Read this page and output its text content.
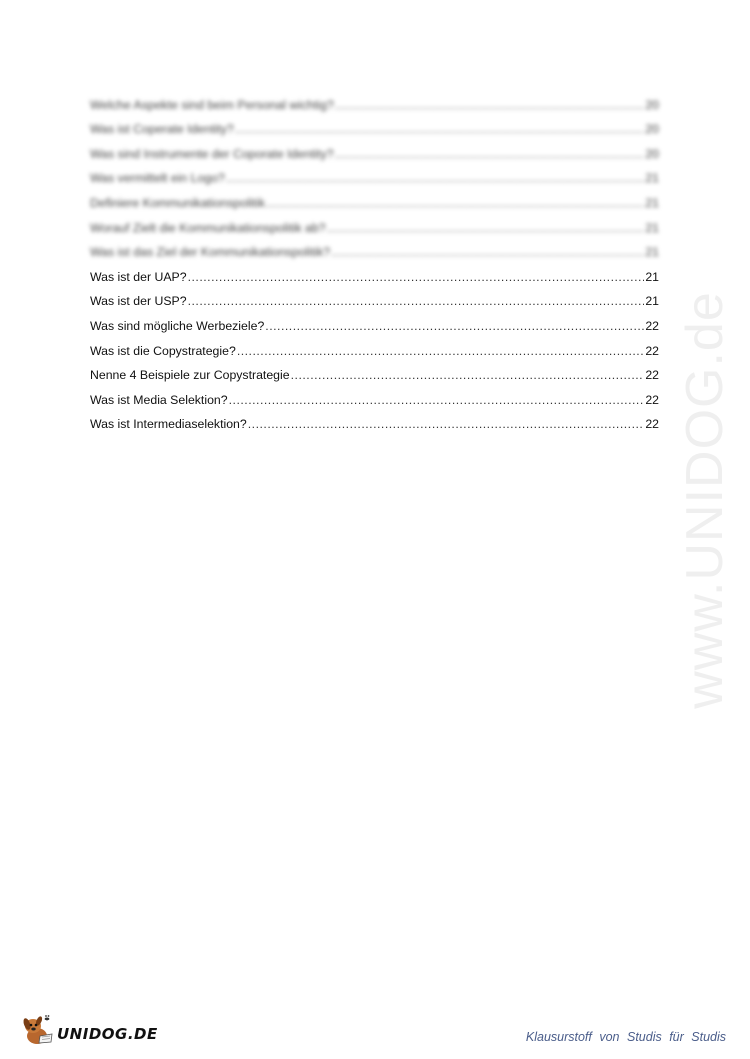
Welche Aspekte sind beim Personal wichtig? .....	20
Was ist Coperate Identity? .....	20
Was sind Instrumente der Coporate Identity? .....	20
Was vermittelt ein Logo? .....	21
Definiere Kommunikationspolitik .....	21
Worauf Zielt die Kommunikationspolitik ab? .....	21
Was ist das Ziel der Kommunikationspolitik? .....	21
Was ist der UAP? .....	21
Was ist der USP? .....	21
Was sind mögliche Werbeziele? .....	22
Was ist die Copystrategie? .....	22
Nenne 4 Beispiele zur Copystrategie .....	22
Was ist Media Selektion? .....	22
Was ist Intermediaselektion? .....	22 www.UNIDOG.de
UNIDOG.DE	Klausurstoff von Studis für Studis
